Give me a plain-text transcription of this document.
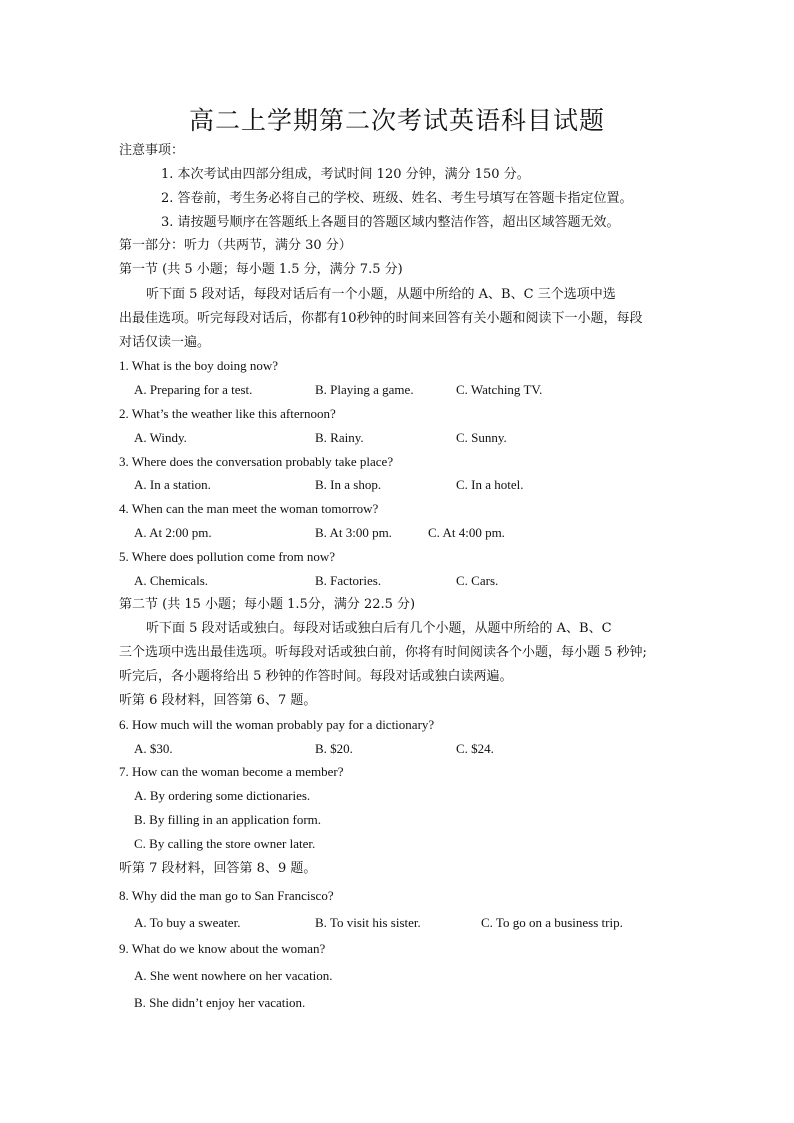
高二上学期第二次考试英语科目试题
注意事项：
1. 本次考试由四部分组成，考试时间 120 分钟，满分 150 分。
2. 答卷前，考生务必将自己的学校、班级、姓名、考生号填写在答题卡指定位置。
3. 请按题号顺序在答题纸上各题目的答题区域内整洁作答，超出区域答题无效。
第一部分：听力（共两节，满分 30 分）
第一节 (共 5 小题；每小题 1.5 分，满分 7.5 分)
听下面 5 段对话，每段对话后有一个小题，从题中所给的 A、B、C 三个选项中选
出最佳选项。听完每段对话后，你都有10秒钟的时间来回答有关小题和阅读下一小题，每段
对话仅读一遍。
1. What is the boy doing now?
A. Preparing for a test.	B. Playing a game.	C. Watching TV.
2. What’s the weather like this afternoon?
A. Windy.	B. Rainy.	C. Sunny.
3. Where does the conversation probably take place?
A. In a station.	B. In a shop.	C. In a hotel.
4. When can the man meet the woman tomorrow?
A. At 2:00 pm.	B. At 3:00 pm.	C. At 4:00 pm.
5. Where does pollution come from now?
A. Chemicals.	B. Factories.	C. Cars.
第二节 (共 15 小题；每小题 1.5分，满分 22.5 分)
听下面 5 段对话或独白。每段对话或独白后有几个小题，从题中所给的 A、B、C
三个选项中选出最佳选项。听每段对话或独白前，你将有时间阅读各个小题，每小题 5 秒钟;
听完后，各小题将给出 5 秒钟的作答时间。每段对话或独白读两遍。
听第 6 段材料，回答第 6、7 题。
6. How much will the woman probably pay for a dictionary?
A. $30.	B. $20.	C. $24.
7. How can the woman become a member?
A. By ordering some dictionaries.
B. By filling in an application form.
C. By calling the store owner later.
听第 7 段材料，回答第 8、9 题。
8. Why did the man go to San Francisco?
A. To buy a sweater.	B. To visit his sister.	C. To go on a business trip.
9. What do we know about the woman?
A. She went nowhere on her vacation.
B. She didn’t enjoy her vacation.
